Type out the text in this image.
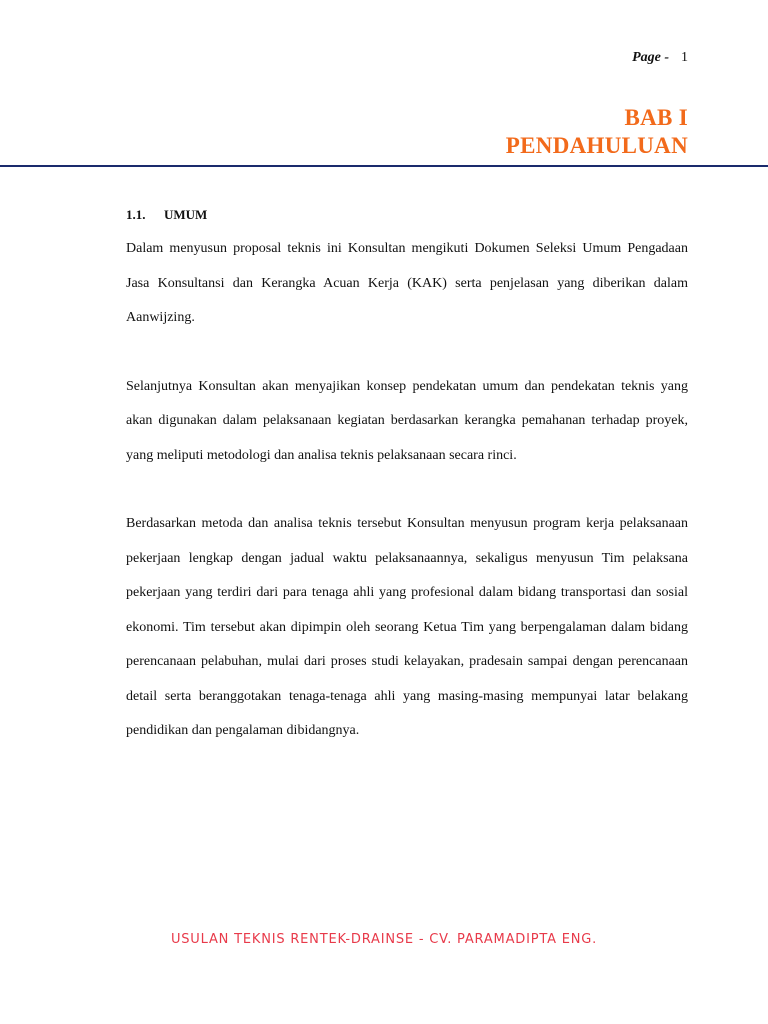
Page - 1
BAB I
PENDAHULUAN
1.1. UMUM

Dalam menyusun proposal teknis ini Konsultan mengikuti Dokumen Seleksi Umum Pengadaan Jasa Konsultansi dan Kerangka Acuan Kerja (KAK) serta penjelasan yang diberikan dalam Aanwijzing.

Selanjutnya Konsultan akan menyajikan konsep pendekatan umum dan pendekatan teknis yang akan digunakan dalam pelaksanaan kegiatan berdasarkan kerangka pemahanan terhadap proyek, yang meliputi metodologi dan analisa teknis pelaksanaan secara rinci.

Berdasarkan metoda dan analisa teknis tersebut Konsultan menyusun program kerja pelaksanaan pekerjaan lengkap dengan jadual waktu pelaksanaannya, sekaligus menyusun Tim pelaksana pekerjaan yang terdiri dari para tenaga ahli yang profesional dalam bidang transportasi dan sosial ekonomi. Tim tersebut akan dipimpin oleh seorang Ketua Tim yang berpengalaman dalam bidang perencanaan pelabuhan, mulai dari proses studi kelayakan, pradesain sampai dengan perencanaan detail serta beranggotakan tenaga-tenaga ahli yang masing-masing mempunyai latar belakang pendidikan dan pengalaman dibidangnya.

USULAN TEKNIS RENTEK-DRAINSE - CV. PARAMADIPTA ENG.
